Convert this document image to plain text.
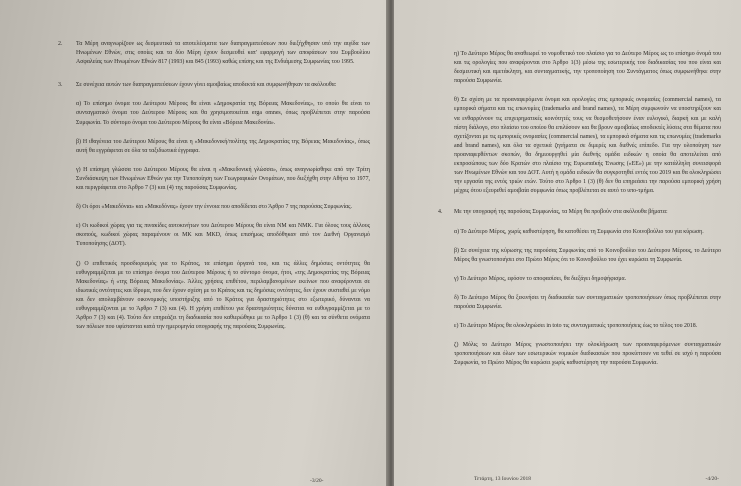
2.	Τα Μέρη αναγνωρίζουν ως δεσμευτικά τα αποτελέσματα των διαπραγματεύσεων που διεξήχθησαν υπό την αιγίδα των Ηνωμένων Εθνών, στις οποίες και τα δύο Μέρη έχουν δεσμευθεί κατ' εφαρμογή των αποφάσεων του Συμβουλίου Ασφαλείας των Ηνωμένων Εθνών 817 (1993) και 845 (1993) καθώς επίσης και της Ενδιάμεσης Συμφωνίας του 1995.
3.	Σε συνέχεια αυτών των διαπραγματεύσεων έχουν γίνει αμοιβαίως αποδεκτά και συμφωνήθηκαν τα ακόλουθα:
α) Το επίσημο όνομα του Δεύτερου Μέρους θα είναι «Δημοκρατία της Βόρειας Μακεδονίας», το οποίο θα είναι το συνταγματικό όνομα του Δεύτερου Μέρους και θα χρησιμοποιείται erga omnes, όπως προβλέπεται στην παρούσα Συμφωνία. Το σύντομο όνομα του Δεύτερου Μέρους θα είναι «Βόρεια Μακεδονία».
β) Η ιθαγένεια του Δεύτερου Μέρους θα είναι η «Μακεδονική/πολίτης της Δημοκρατίας της Βόρειας Μακεδονίας», όπως αυτή θα εγγράφεται σε όλα τα ταξιδιωτικά έγγραφα.
γ) Η επίσημη γλώσσα του Δεύτερου Μέρους θα είναι η «Μακεδονική γλώσσα», όπως αναγνωρίσθηκε από την Τρίτη Συνδιάσκεψη των Ηνωμένων Εθνών για την Τυποποίηση των Γεωγραφικών Ονομάτων, που διεξήχθη στην Αθήνα το 1977, και περιγράφεται στο Άρθρο 7 (3) και (4) της παρούσας Συμφωνίας.
δ) Οι όροι «Μακεδόνια» και «Μακεδόνας» έχουν την έννοια που αποδίδεται στο Άρθρο 7 της παρούσας Συμφωνίας.
ε) Οι κωδικοί χώρας για τις πινακίδες αυτοκινήτων του Δεύτερου Μέρους θα είναι NM και NMK. Για όλους τους άλλους σκοπούς, κωδικοί χώρας παραμένουν οι MK και MKD, όπως επισήμως αποδόθηκαν από τον Διεθνή Οργανισμό Τυποποίησης (ΔΟΤ).
ζ) Ο επιθετικός προσδιορισμός για το Κράτος, τα επίσημα όργανά του, και τις άλλες δημόσιες οντότητες θα ευθυγραμμίζεται με το επίσημο όνομα του Δεύτερου Μέρους ή το σύντομο όνομα, ήτοι, «της Δημοκρατίας της Βόρειας Μακεδονίας» ή «της Βόρειας Μακεδονίας». Άλλες χρήσεις επιθέτου, περιλαμβανομένων εκείνων που αναφέρονται σε ιδιωτικές οντότητες και ίδρυμα, που δεν έχουν σχέση με το Κράτος και τις δημόσιες οντότητες, δεν έχουν συσταθεί με νόμο και δεν απολαμβάνουν οικονομικής υποστήριξης από το Κράτος για δραστηριότητες στο εξωτερικό, δύνανται να ευθυγραμμίζονται με το Άρθρο 7 (3) και (4). Η χρήση επιθέτου για δραστηριότητες δύναται να ευθυγραμμίζεται με το Άρθρο 7 (3) και (4). Τούτο δεν επηρεάζει τη διαδικασία που καθιερώθηκε με το Άρθρο 1 (3) (θ) και τα σύνθετα ονόματα των πόλεων που υφίστανται κατά την ημερομηνία υπογραφής της παρούσας Συμφωνίας.
-3/20-
η) Το Δεύτερο Μέρος θα αναθεωρεί το νομοθετικό του πλαίσιο για το Δεύτερο Μέρος ως το επίσημο όνομά του και τις ορολογίες που αναφέρονται στο Άρθρο 1(3) μέσω της εσωτερικής του διαδικασίας του που είναι και δεσμευτική και αμετάκλητη, και συνταγματικής, την τροποποίηση του Συντάγματος όπως συμφωνήθηκε στην παρούσα Συμφωνία.
θ) Σε σχέση με τα προαναφερόμενα όνομα και ορολογίες στις εμπορικές ονομασίες (commercial names), τα εμπορικά σήματα και τις επωνυμίες (trademarks and brand names), τα Μέρη συμφωνούν να υποστηρίξουν και να ενθαρρύνουν τις επιχειρηματικές κοινότητές τους να θεσμοθετήσουν έναν ευλογικό, διαρκή και με καλή πίστη διάλογο, στο πλαίσιο του οποίου θα επιλύσουν και θα βρουν αμοιβαίως αποδεκτές λύσεις στα θέματα που σχετίζονται με τις εμπορικές ονομασίες (commercial names), τα εμπορικά σήματα και τις επωνυμίες (trademarks and brand names), και όλα τα σχετικά ζητήματα σε διμερές και διεθνές επίπεδο. Για την υλοποίηση των προαναφερθέντων σκοπών, θα δημιουργηθεί μία διεθνής ομάδα ειδικών η οποία θα αποτελείται από εκπροσώπους των δύο Κρατών στο πλαίσιο της Ευρωπαϊκής Ένωσης («ΕΕ») με την κατάλληλη συνεισφορά των Ηνωμένων Εθνών και του ΔΟΤ. Αυτή η ομάδα ειδικών θα συγκροτηθεί εντός του 2019 και θα ολοκληρώσει την εργασία της εντός τριών ετών. Τούτο στο Άρθρο 1 (3) (θ) δεν θα επηρεάσει την παρούσα εμπορική χρήση μέχρις ότου εξευρεθεί αμοιβαία συμφωνία όπως προβλέπεται σε αυτό το υπο-τμήμα.
4.	Με την υπογραφή της παρούσας Συμφωνίας, τα Μέρη θα προβούν στα ακόλουθα βήματα:
α) Το Δεύτερο Μέρος, χωρίς καθυστέρηση, θα κατοθέσει τη Συμφωνία στο Κοινοβούλιο του για κύρωση.
β) Σε συνέχεια της κύρωσης της παρούσας Συμφωνίας από το Κοινοβούλιο του Δεύτερου Μέρους, το Δεύτερο Μέρος θα γνωστοποιήσει στο Πρώτο Μέρος ότι το Κοινοβούλιο του έχει κυρώσει τη Συμφωνία.
γ) Το Δεύτερο Μέρος, εφόσον το αποφασίσει, θα διεξάγει δημοψήφισμα.
δ) Το Δεύτερο Μέρος θα ξεκινήσει τη διαδικασία των συνταγματικών τροποποιήσεων όπως προβλέπεται στην παρούσα Συμφωνία.
ε) Το Δεύτερο Μέρος θα ολοκληρώσει in toto τις συνταγματικές τροποποιήσεις έως το τέλος του 2018.
ζ) Μόλις το Δεύτερο Μέρος γνωστοποιήσει την ολοκλήρωση των προαναφερόμενων συνταγματικών τροποποιήσεων και όλων των εσωτερικών νομικών διαδικασιών που προκύπτουν να τεθεί σε ισχύ η παρούσα Συμφωνία, το Πρώτο Μέρος θα κυρώσει χωρίς καθυστέρηση την παρούσα Συμφωνία.
Τετάρτη, 13 Ιουνίου 2018	-4/20-
